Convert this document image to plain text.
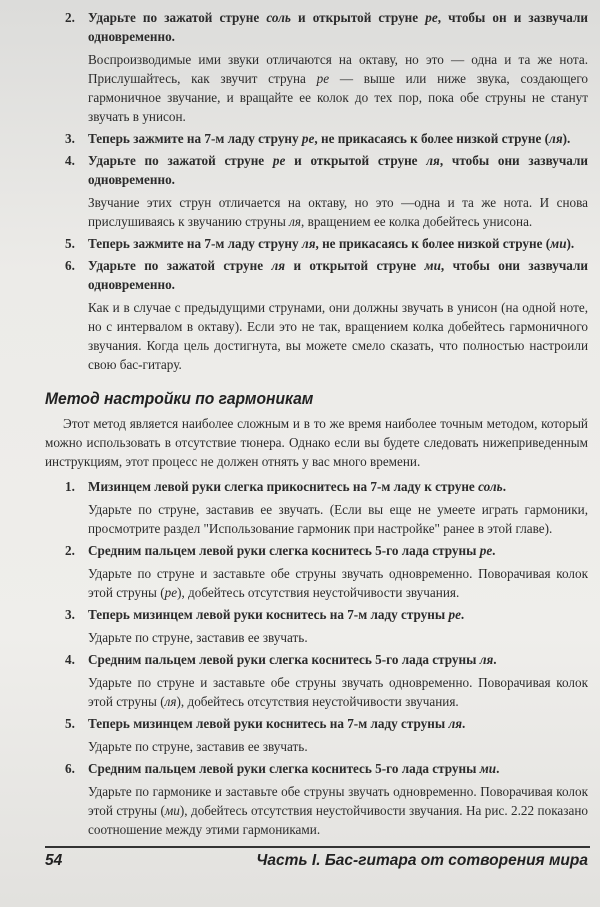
2. Ударьте по зажатой струне соль и открытой струне ре, чтобы он и зазвучали одновременно.
Воспроизводимые ими звуки отличаются на октаву, но это — одна и та же нота. Прислушайтесь, как звучит струна ре — выше или ниже звука, создающего гармоничное звучание, и вращайте ее колок до тех пор, пока обе струны не станут звучать в унисон.
3. Теперь зажмите на 7-м ладу струну ре, не прикасаясь к более низкой струне (ля).
4. Ударьте по зажатой струне ре и открытой струне ля, чтобы они зазвучали одновременно.
Звучание этих струн отличается на октаву, но это —одна и та же нота. И снова прислушиваясь к звучанию струны ля, вращением ее колка добейтесь унисона.
5. Теперь зажмите на 7-м ладу струну ля, не прикасаясь к более низкой струне (ми).
6. Ударьте по зажатой струне ля и открытой струне ми, чтобы они зазвучали одновременно.
Как и в случае с предыдущими струнами, они должны звучать в унисон (на одной ноте, но с интервалом в октаву). Если это не так, вращением колка добейтесь гармоничного звучания. Когда цель достигнута, вы можете смело сказать, что полностью настроили свою бас-гитару.
Метод настройки по гармоникам
Этот метод является наиболее сложным и в то же время наиболее точным методом, который можно использовать в отсутствие тюнера. Однако если вы будете следовать нижеприведенным инструкциям, этот процесс не должен отнять у вас много времени.
1. Мизинцем левой руки слегка прикоснитесь на 7-м ладу к струне соль.
Ударьте по струне, заставив ее звучать. (Если вы еще не умеете играть гармоники, просмотрите раздел "Использование гармоник при настройке" ранее в этой главе).
2. Средним пальцем левой руки слегка коснитесь 5-го лада струны ре.
Ударьте по струне и заставьте обе струны звучать одновременно. Поворачивая колок этой струны (ре), добейтесь отсутствия неустойчивости звучания.
3. Теперь мизинцем левой руки коснитесь на 7-м ладу струны ре.
Ударьте по струне, заставив ее звучать.
4. Средним пальцем левой руки слегка коснитесь 5-го лада струны ля.
Ударьте по струне и заставьте обе струны звучать одновременно. Поворачивая колок этой струны (ля), добейтесь отсутствия неустойчивости звучания.
5. Теперь мизинцем левой руки коснитесь на 7-м ладу струны ля.
Ударьте по струне, заставив ее звучать.
6. Средним пальцем левой руки слегка коснитесь 5-го лада струны ми.
Ударьте по гармонике и заставьте обе струны звучать одновременно. Поворачивая колок этой струны (ми), добейтесь отсутствия неустойчивости звучания. На рис. 2.22 показано соотношение между этими гармониками.
54	Часть I. Бас-гитара от сотворения мира
